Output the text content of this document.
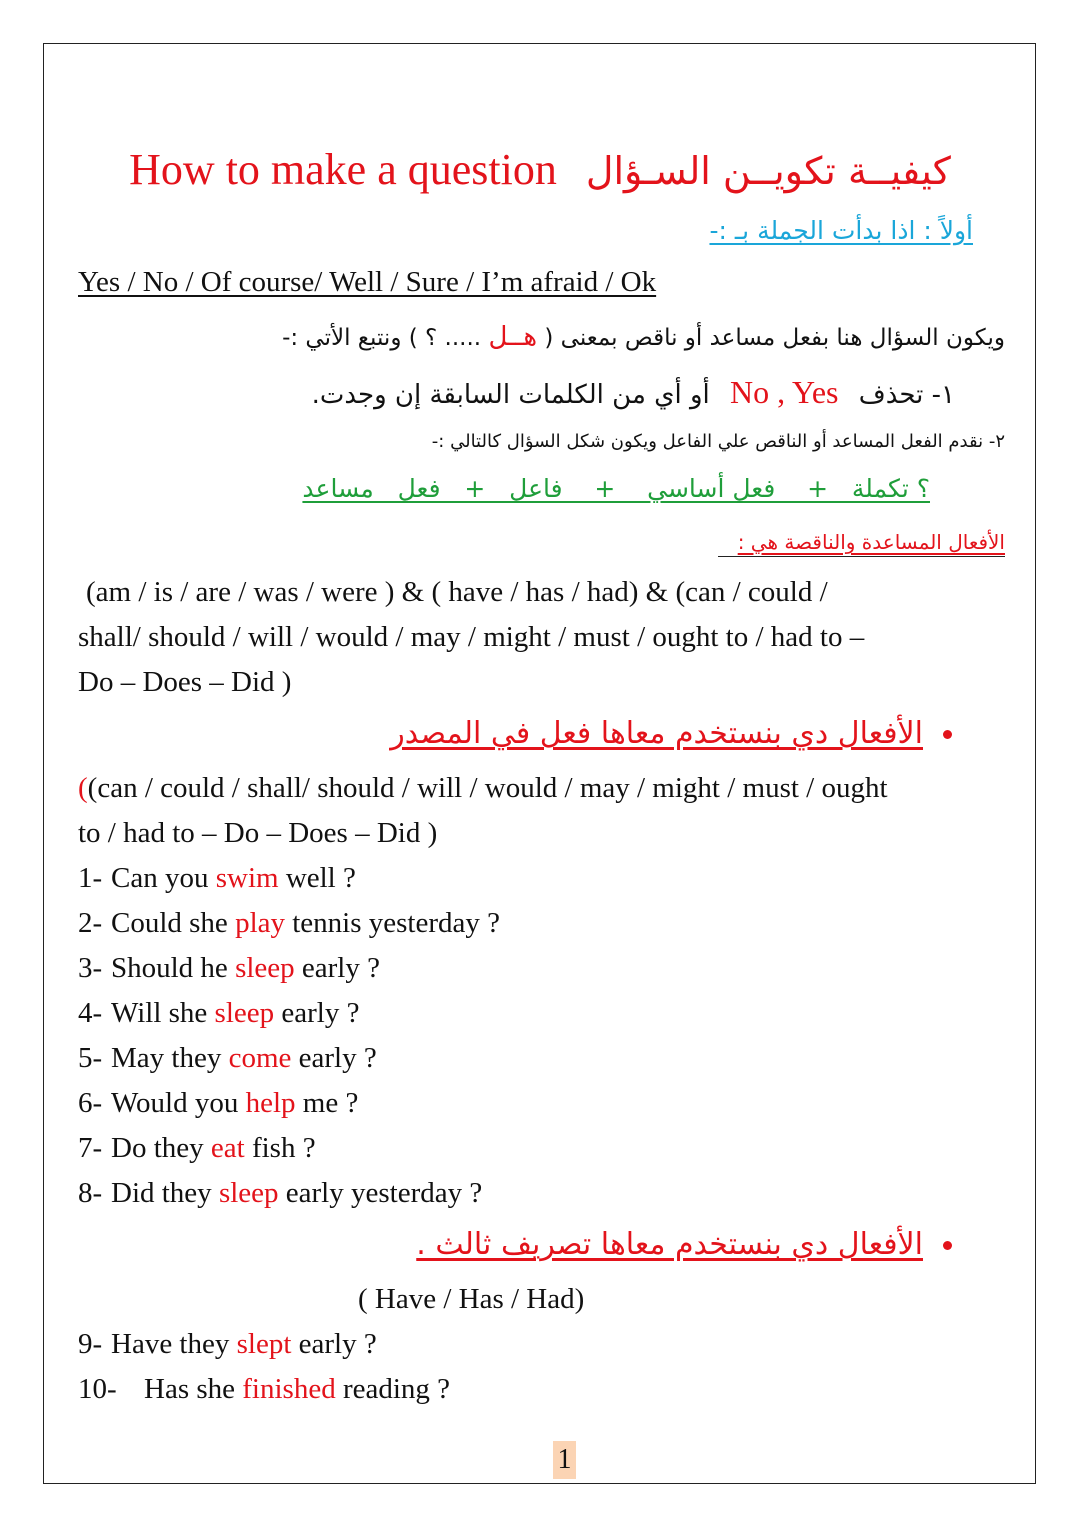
How to make a question كيفيــة تكويــن السـؤال
أولاً : اذا بدأت الجملة بـ :-
Yes / No / Of course/ Well / Sure / I’m afraid / Ok
ويكون السؤال هنا بفعل مساعد أو ناقص بمعنى ( هــل ..... ؟ ) ونتبع الأتي :-
١- تحذف No , Yes أو أي من الكلمات السابقة إن وجدت.
٢- نقدم الفعل المساعد أو الناقص علي الفاعل ويكون شكل السؤال كالتالي :-
؟ تكملة   +    فعل أساسي    +    فاعل   +   فعل   مساعد
الأفعال المساعدة والناقصة هي :
(am / is / are / was / were ) & ( have / has / had) & (can / could /
shall/ should / will / would / may / might / must / ought to / had to –
Do – Does – Did )
الأفعال دي بنستخدم معاها فعل في المصدر
((can / could / shall/ should / will / would / may / might / must / ought
to / had to – Do – Does – Did )
1- Can you swim well ?
2- Could she play tennis yesterday ?
3- Should he sleep early ?
4- Will she sleep early ?
5- May they come early ?
6- Would you help me ?
7- Do they eat fish ?
8- Did they sleep early yesterday ?
الأفعال دي بنستخدم معاها تصريف ثالث .
( Have / Has / Had)
9- Have they slept early ?
10- Has she finished reading ?
1
